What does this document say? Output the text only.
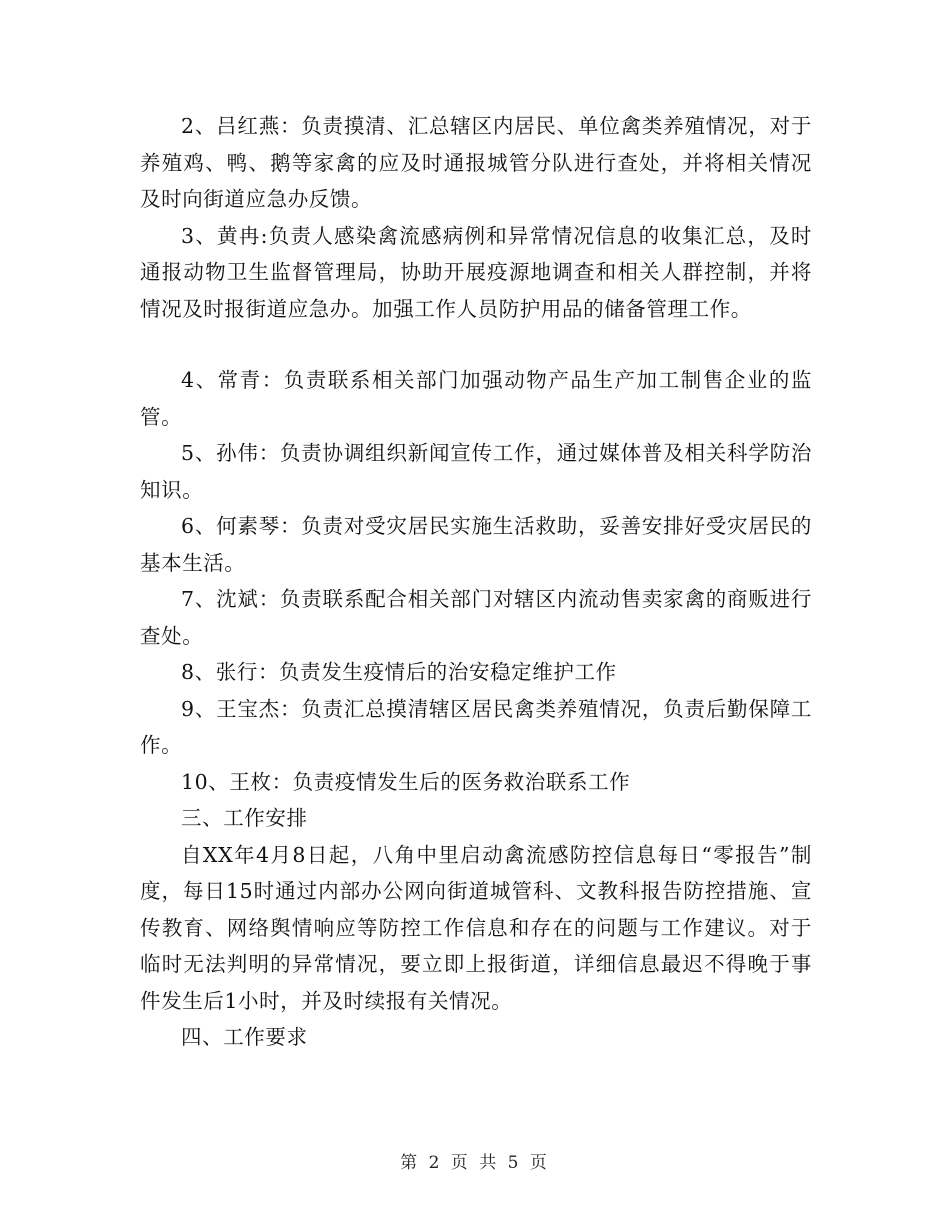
2、吕红燕：负责摸清、汇总辖区内居民、单位禽类养殖情况，对于养殖鸡、鸭、鹅等家禽的应及时通报城管分队进行查处，并将相关情况及时向街道应急办反馈。

3、黄冉:负责人感染禽流感病例和异常情况信息的收集汇总，及时通报动物卫生监督管理局，协助开展疫源地调查和相关人群控制，并将情况及时报街道应急办。加强工作人员防护用品的储备管理工作。

4、常青：负责联系相关部门加强动物产品生产加工制售企业的监管。

5、孙伟：负责协调组织新闻宣传工作，通过媒体普及相关科学防治知识。

6、何素琴：负责对受灾居民实施生活救助，妥善安排好受灾居民的基本生活。

7、沈斌：负责联系配合相关部门对辖区内流动售卖家禽的商贩进行查处。

8、张行：负责发生疫情后的治安稳定维护工作

9、王宝杰：负责汇总摸清辖区居民禽类养殖情况，负责后勤保障工作。

10、王枚：负责疫情发生后的医务救治联系工作

三、工作安排

自XX年4月8日起，八角中里启动禽流感防控信息每日“零报告”制度，每日15时通过内部办公网向街道城管科、文教科报告防控措施、宣传教育、网络舆情响应等防控工作信息和存在的问题与工作建议。对于临时无法判明的异常情况，要立即上报街道，详细信息最迟不得晚于事件发生后1小时，并及时续报有关情况。

四、工作要求

第 2 页 共 5 页
